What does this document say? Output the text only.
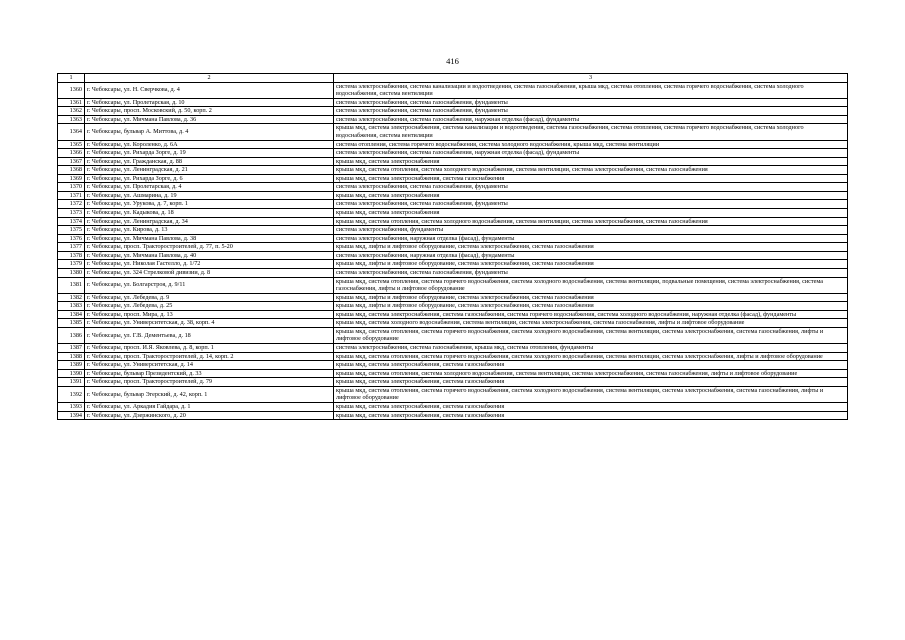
416
1	2	3
1360	г. Чебоксары, ул. Н. Сверчкова, д. 4	система электроснабжения, система канализации и водоотведения, система газоснабжения, крыша мкд, система отопления, система горячего водоснабжения, система холодного водоснабжения, система вентиляции
1361	г. Чебоксары, ул. Пролетарская, д. 10	система электроснабжения, система газоснабжения, фундаменты
1362	г. Чебоксары, просп. Московский, д. 50, корп. 2	система электроснабжения, система газоснабжения, фундаменты
1363	г. Чебоксары, ул. Мичмана Павлова, д. 36	система электроснабжения, система газоснабжения, наружная отделка (фасад), фундаменты
1364	г. Чебоксары, бульвар А. Миттова, д. 4	крыша мкд, система электроснабжения, система канализации и водоотведения, система газоснабжения, система отопления, система горячего водоснабжения, система холодного водоснабжения, система вентиляции
1365	г. Чебоксары, ул. Короленко, д. 6А	система отопления, система горячего водоснабжения, система холодного водоснабжения, крыша мкд, система вентиляции
1366	г. Чебоксары, ул. Рихарда Зорге, д. 19	система электроснабжения, система газоснабжения, наружная отделка (фасад), фундаменты
1367	г. Чебоксары, ул. Гражданская, д. 88	крыша мкд, система электроснабжения
1368	г. Чебоксары, ул. Ленинградская, д. 21	крыша мкд, система отопления, система холодного водоснабжения, система вентиляции, система электроснабжения, система газоснабжения
1369	г. Чебоксары, ул. Рихарда Зорге, д. 6	крыша мкд, система электроснабжения, система газоснабжения
1370	г. Чебоксары, ул. Пролетарская, д. 4	система электроснабжения, система газоснабжения, фундаменты
1371	г. Чебоксары, ул. Ашмарина, д. 19	крыша мкд, система электроснабжения
1372	г. Чебоксары, ул. Урукова, д. 7, корп. 1	система электроснабжения, система газоснабжения, фундаменты
1373	г. Чебоксары, ул. Кадыкова, д. 18	крыша мкд, система электроснабжения
1374	г. Чебоксары, ул. Ленинградская, д. 34	крыша мкд, система отопления, система холодного водоснабжения, система вентиляции, система электроснабжения, система газоснабжения
1375	г. Чебоксары, ул. Кирова, д. 13	система электроснабжения, фундаменты
1376	г. Чебоксары, ул. Мичмана Павлова, д. 38	система электроснабжения, наружная отделка (фасад), фундаменты
1377	г. Чебоксары, просп. Тракторостроителей, д. 77, п. 5-20	крыша мкд, лифты и лифтовое оборудование, система электроснабжения, система газоснабжения
1378	г. Чебоксары, ул. Мичмана Павлова, д. 40	система электроснабжения, наружная отделка (фасад), фундаменты
1379	г. Чебоксары, ул. Николая Гастелло, д. 1/72	крыша мкд, лифты и лифтовое оборудование, система электроснабжения, система газоснабжения
1380	г. Чебоксары, ул. 324 Стрелковой дивизии, д. 8	система электроснабжения, система газоснабжения, фундаменты
1381	г. Чебоксары, ул. Болгарстроя, д. 9/11	крыша мкд, система отопления, система горячего водоснабжения, система холодного водоснабжения, система вентиляции, подвальные помещения, система электроснабжения, система газоснабжения, лифты и лифтовое оборудование
1382	г. Чебоксары, ул. Лебедева, д. 9	крыша мкд, лифты и лифтовое оборудование, система электроснабжения, система газоснабжения
1383	г. Чебоксары, ул. Лебедева, д. 25	крыша мкд, лифты и лифтовое оборудование, система электроснабжения, система газоснабжения
1384	г. Чебоксары, просп. Мира, д. 13	крыша мкд, система электроснабжения, система газоснабжения, система горячего водоснабжения, система холодного водоснабжения, наружная отделка (фасад), фундаменты
1385	г. Чебоксары, ул. Университетская, д. 38, корп. 4	крыша мкд, система холодного водоснабжения, система вентиляции, система электроснабжения, система газоснабжения, лифты и лифтовое оборудование
1386	г. Чебоксары, ул. Г.В. Дементьева, д. 18	крыша мкд, система отопления, система горячего водоснабжения, система холодного водоснабжения, система вентиляции, система электроснабжения, система газоснабжения, лифты и лифтовое оборудование
1387	г. Чебоксары, просп. И.Я. Яковлева, д. 8, корп. 1	система электроснабжения, система газоснабжения, крыша мкд, система отопления, фундаменты
1388	г. Чебоксары, просп. Тракторостроителей, д. 14, корп. 2	крыша мкд, система отопления, система горячего водоснабжения, система холодного водоснабжения, система вентиляции, система электроснабжения, лифты и лифтовое оборудование
1389	г. Чебоксары, ул. Университетская, д. 14	крыша мкд, система электроснабжения, система газоснабжения
1390	г. Чебоксары, бульвар Президентский, д. 33	крыша мкд, система отопления, система холодного водоснабжения, система вентиляции, система электроснабжения, система газоснабжения, лифты и лифтовое оборудование
1391	г. Чебоксары, просп. Тракторостроителей, д. 79	крыша мкд, система электроснабжения, система газоснабжения
1392	г. Чебоксары, бульвар Эгерский, д. 42, корп. 1	крыша мкд, система отопления, система горячего водоснабжения, система холодного водоснабжения, система вентиляции, система электроснабжения, система газоснабжения, лифты и лифтовое оборудование
1393	г. Чебоксары, ул. Аркадия Гайдара, д. 1	крыша мкд, система электроснабжения, система газоснабжения
1394	г. Чебоксары, ул. Дзержинского, д. 20	крыша мкд, система электроснабжения, система газоснабжения
